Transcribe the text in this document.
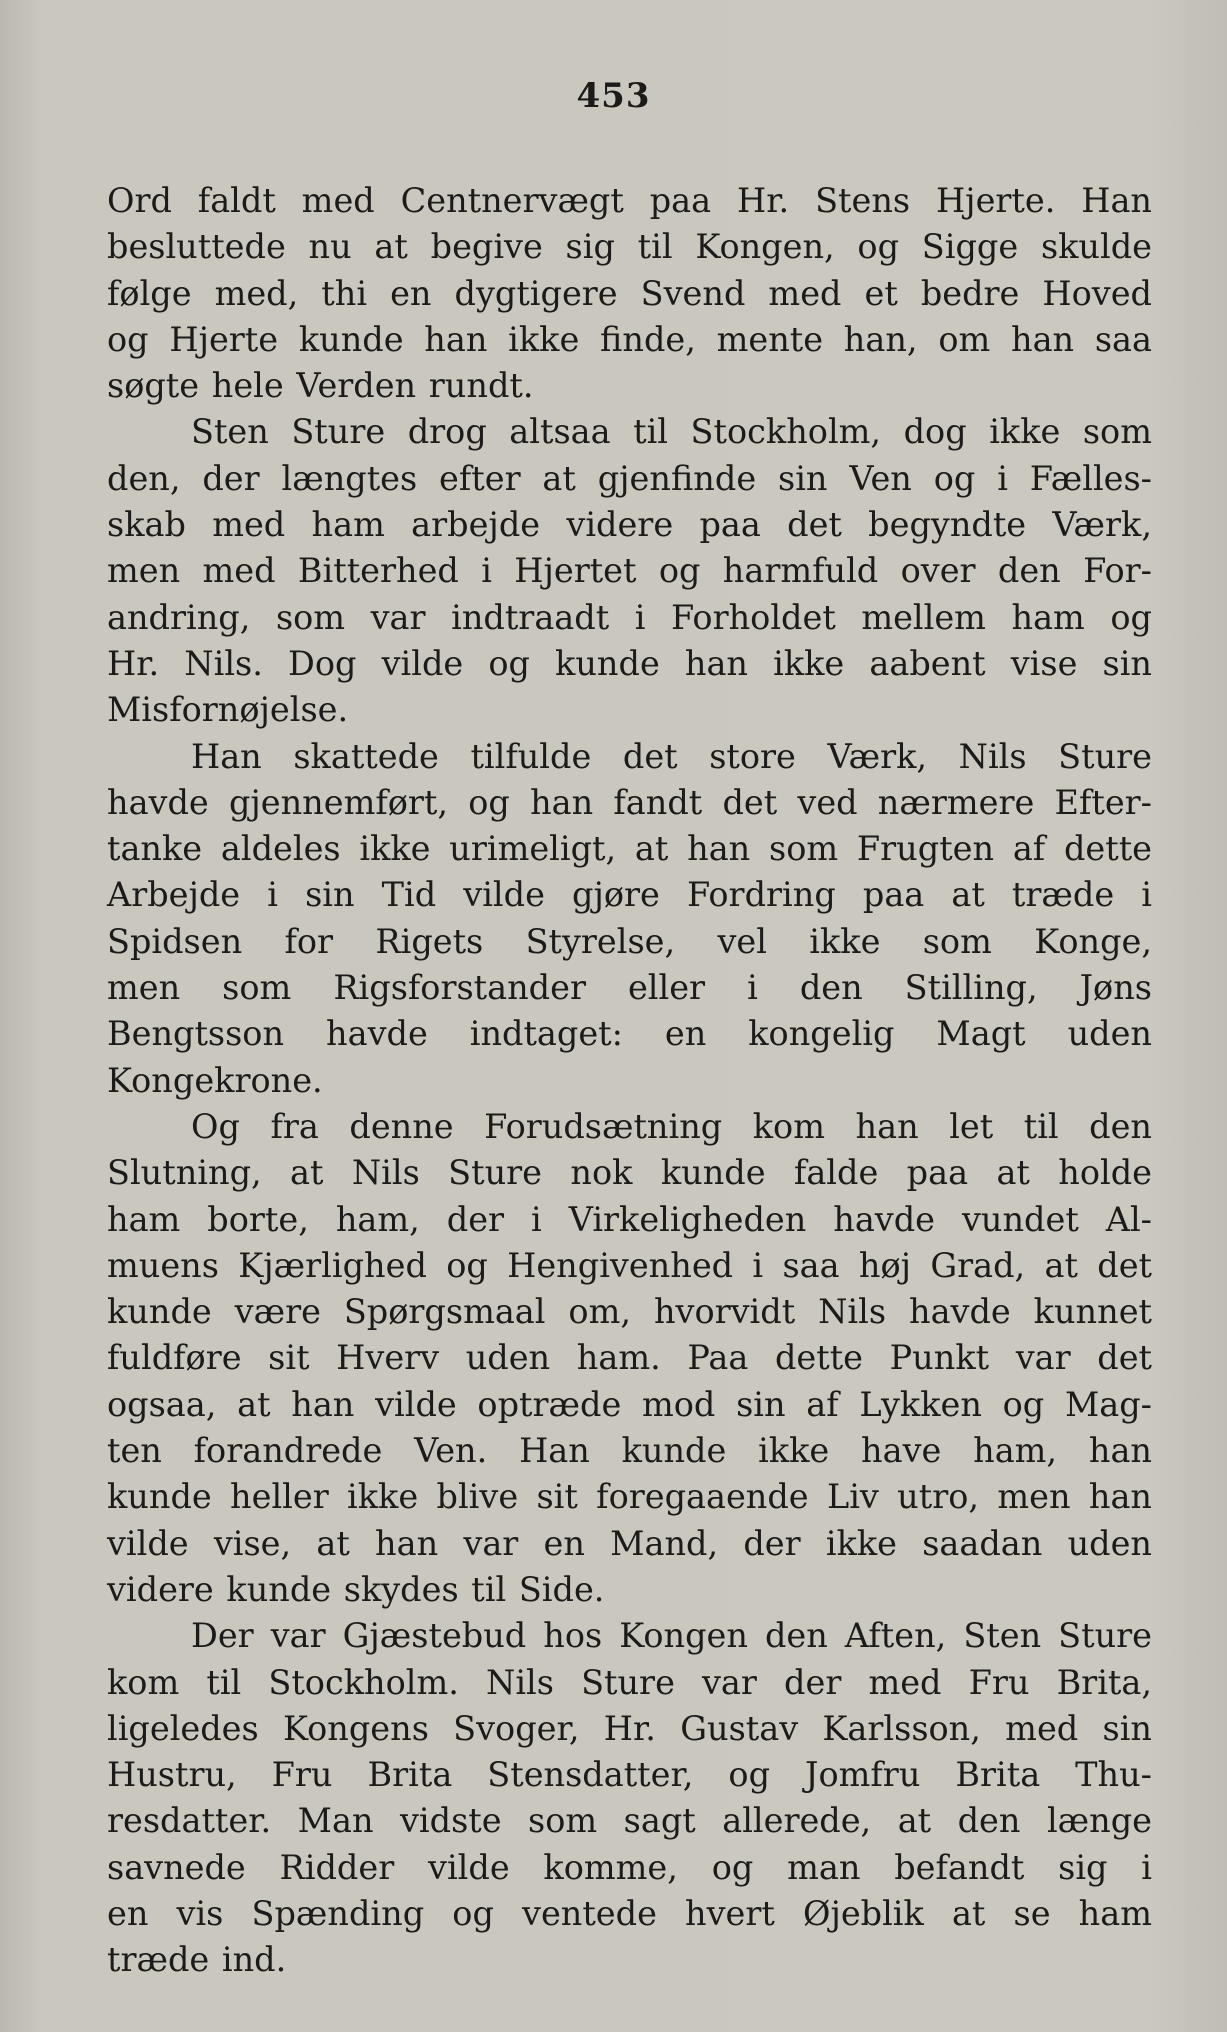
453

Ord faldt med Centnervægt paa Hr. Stens Hjerte. Han

besluttede nu at begive sig til Kongen, og Sigge skulde

følge med, thi en dygtigere Svend med et bedre Hoved

og Hjerte kunde han ikke finde, mente han, om han saa

søgte hele Verden rundt.

Sten Sture drog altsaa til Stockholm, dog ikke som

den, der længtes efter at gjenfinde sin Ven og i Fælles-

skab med ham arbejde videre paa det begyndte Værk,

men med Bitterhed i Hjertet og harmfuld over den For-

andring, som var indtraadt i Forholdet mellem ham og

Hr. Nils. Dog vilde og kunde han ikke aabent vise sin

Misfornøjelse.

Han skattede tilfulde det store Værk, Nils Sture

havde gjennemført, og han fandt det ved nærmere Efter-

tanke aldeles ikke urimeligt, at han som Frugten af dette

Arbejde i sin Tid vilde gjøre Fordring paa at træde i

Spidsen for Rigets Styrelse, vel ikke som Konge,

men som Rigsforstander eller i den Stilling, Jøns

Bengtsson havde indtaget: en kongelig Magt uden

Kongekrone.

Og fra denne Forudsætning kom han let til den

Slutning, at Nils Sture nok kunde falde paa at holde

ham borte, ham, der i Virkeligheden havde vundet Al-

muens Kjærlighed og Hengivenhed i saa høj Grad, at det

kunde være Spørgsmaal om, hvorvidt Nils havde kunnet

fuldføre sit Hverv uden ham. Paa dette Punkt var det

ogsaa, at han vilde optræde mod sin af Lykken og Mag-

ten forandrede Ven. Han kunde ikke have ham, han

kunde heller ikke blive sit foregaaende Liv utro, men han

vilde vise, at han var en Mand, der ikke saadan uden

videre kunde skydes til Side.

Der var Gjæstebud hos Kongen den Aften, Sten Sture

kom til Stockholm. Nils Sture var der med Fru Brita,

ligeledes Kongens Svoger, Hr. Gustav Karlsson, med sin

Hustru, Fru Brita Stensdatter, og Jomfru Brita Thu-

resdatter. Man vidste som sagt allerede, at den længe

savnede Ridder vilde komme, og man befandt sig i

en vis Spænding og ventede hvert Øjeblik at se ham

træde ind.
